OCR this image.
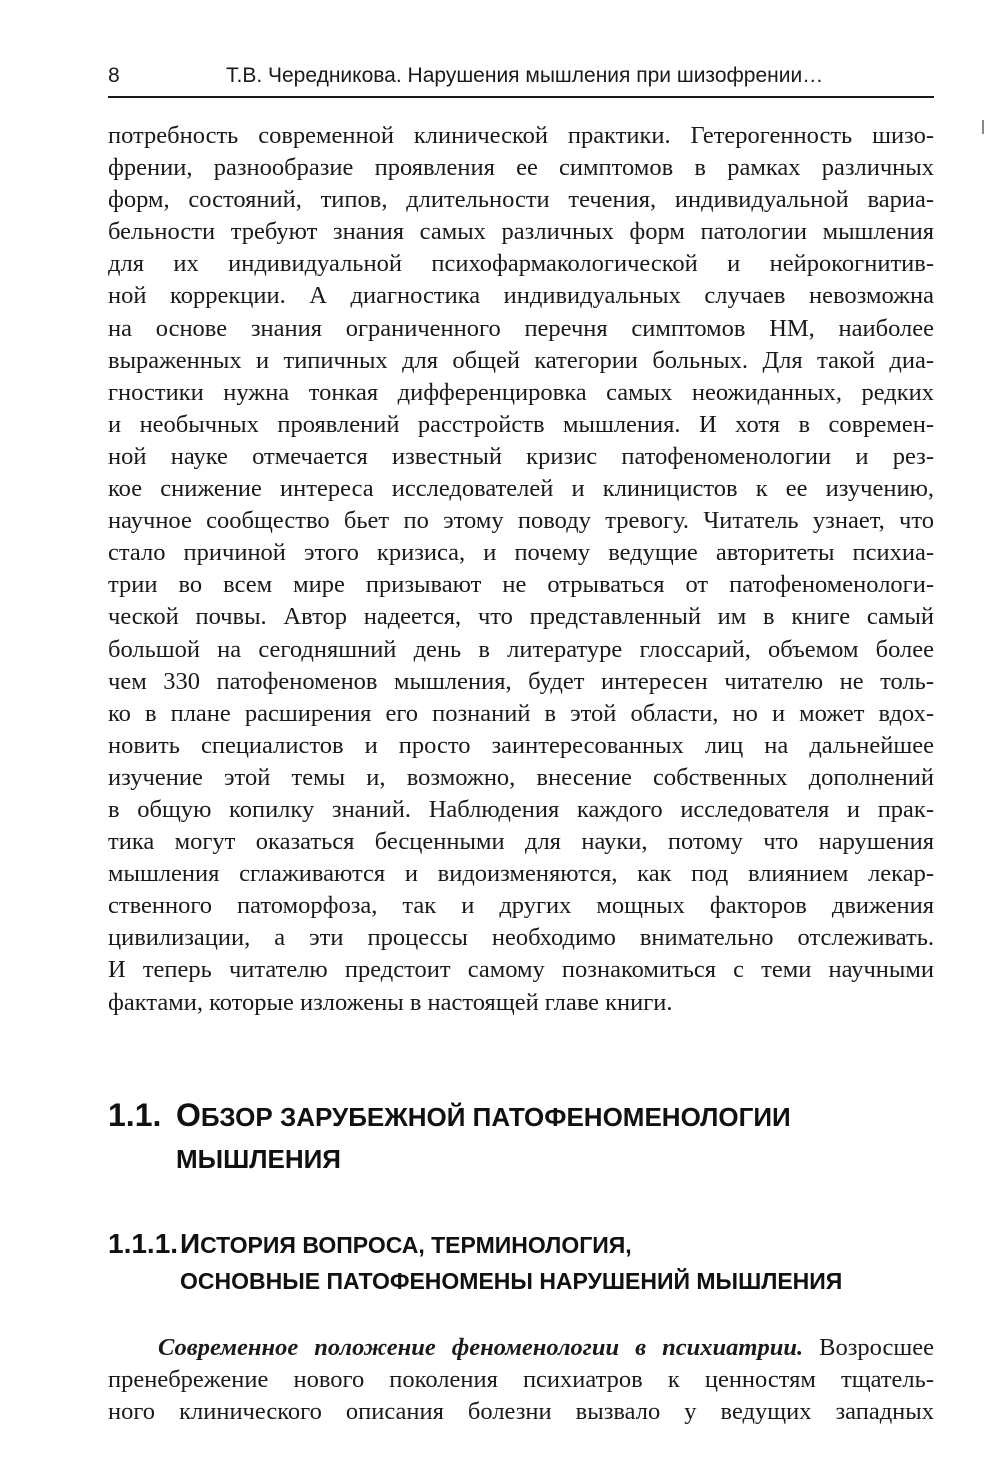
8	Т.В. Чередникова. Нарушения мышления при шизофрении…
потребность современной клинической практики. Гетерогенность шизо-
френии, разнообразие проявления ее симптомов в рамках различных
форм, состояний, типов, длительности течения, индивидуальной вариа-
бельности требуют знания самых различных форм патологии мышления
для их индивидуальной психофармакологической и нейрокогнитив-
ной коррекции. А диагностика индивидуальных случаев невозможна
на основе знания ограниченного перечня симптомов НМ, наиболее
выраженных и типичных для общей категории больных. Для такой диа-
гностики нужна тонкая дифференцировка самых неожиданных, редких
и необычных проявлений расстройств мышления. И хотя в современ-
ной науке отмечается известный кризис патофеноменологии и рез-
кое снижение интереса исследователей и клиницистов к ее изучению,
научное сообщество бьет по этому поводу тревогу. Читатель узнает, что
стало причиной этого кризиса, и почему ведущие авторитеты психиа-
трии во всем мире призывают не отрываться от патофеноменологи-
ческой почвы. Автор надеется, что представленный им в книге самый
большой на сегодняшний день в литературе глоссарий, объемом более
чем 330 патофеноменов мышления, будет интересен читателю не толь-
ко в плане расширения его познаний в этой области, но и может вдох-
новить специалистов и просто заинтересованных лиц на дальнейшее
изучение этой темы и, возможно, внесение собственных дополнений
в общую копилку знаний. Наблюдения каждого исследователя и прак-
тика могут оказаться бесценными для науки, потому что нарушения
мышления сглаживаются и видоизменяются, как под влиянием лекар-
ственного патоморфоза, так и других мощных факторов движения
цивилизации, а эти процессы необходимо внимательно отслеживать.
И теперь читателю предстоит самому познакомиться с теми научными
фактами, которые изложены в настоящей главе книги.
1.1. ОБЗОР ЗАРУБЕЖНОЙ ПАТОФЕНОМЕНОЛОГИИ
МЫШЛЕНИЯ
1.1.1.ИСТОРИЯ ВОПРОСА, ТЕРМИНОЛОГИЯ,
ОСНОВНЫЕ ПАТОФЕНОМЕНЫ НАРУШЕНИЙ МЫШЛЕНИЯ
Современное положение феноменологии в психиатрии. Возросшее
пренебрежение нового поколения психиатров к ценностям тщатель-
ного клинического описания болезни вызвало у ведущих западных
